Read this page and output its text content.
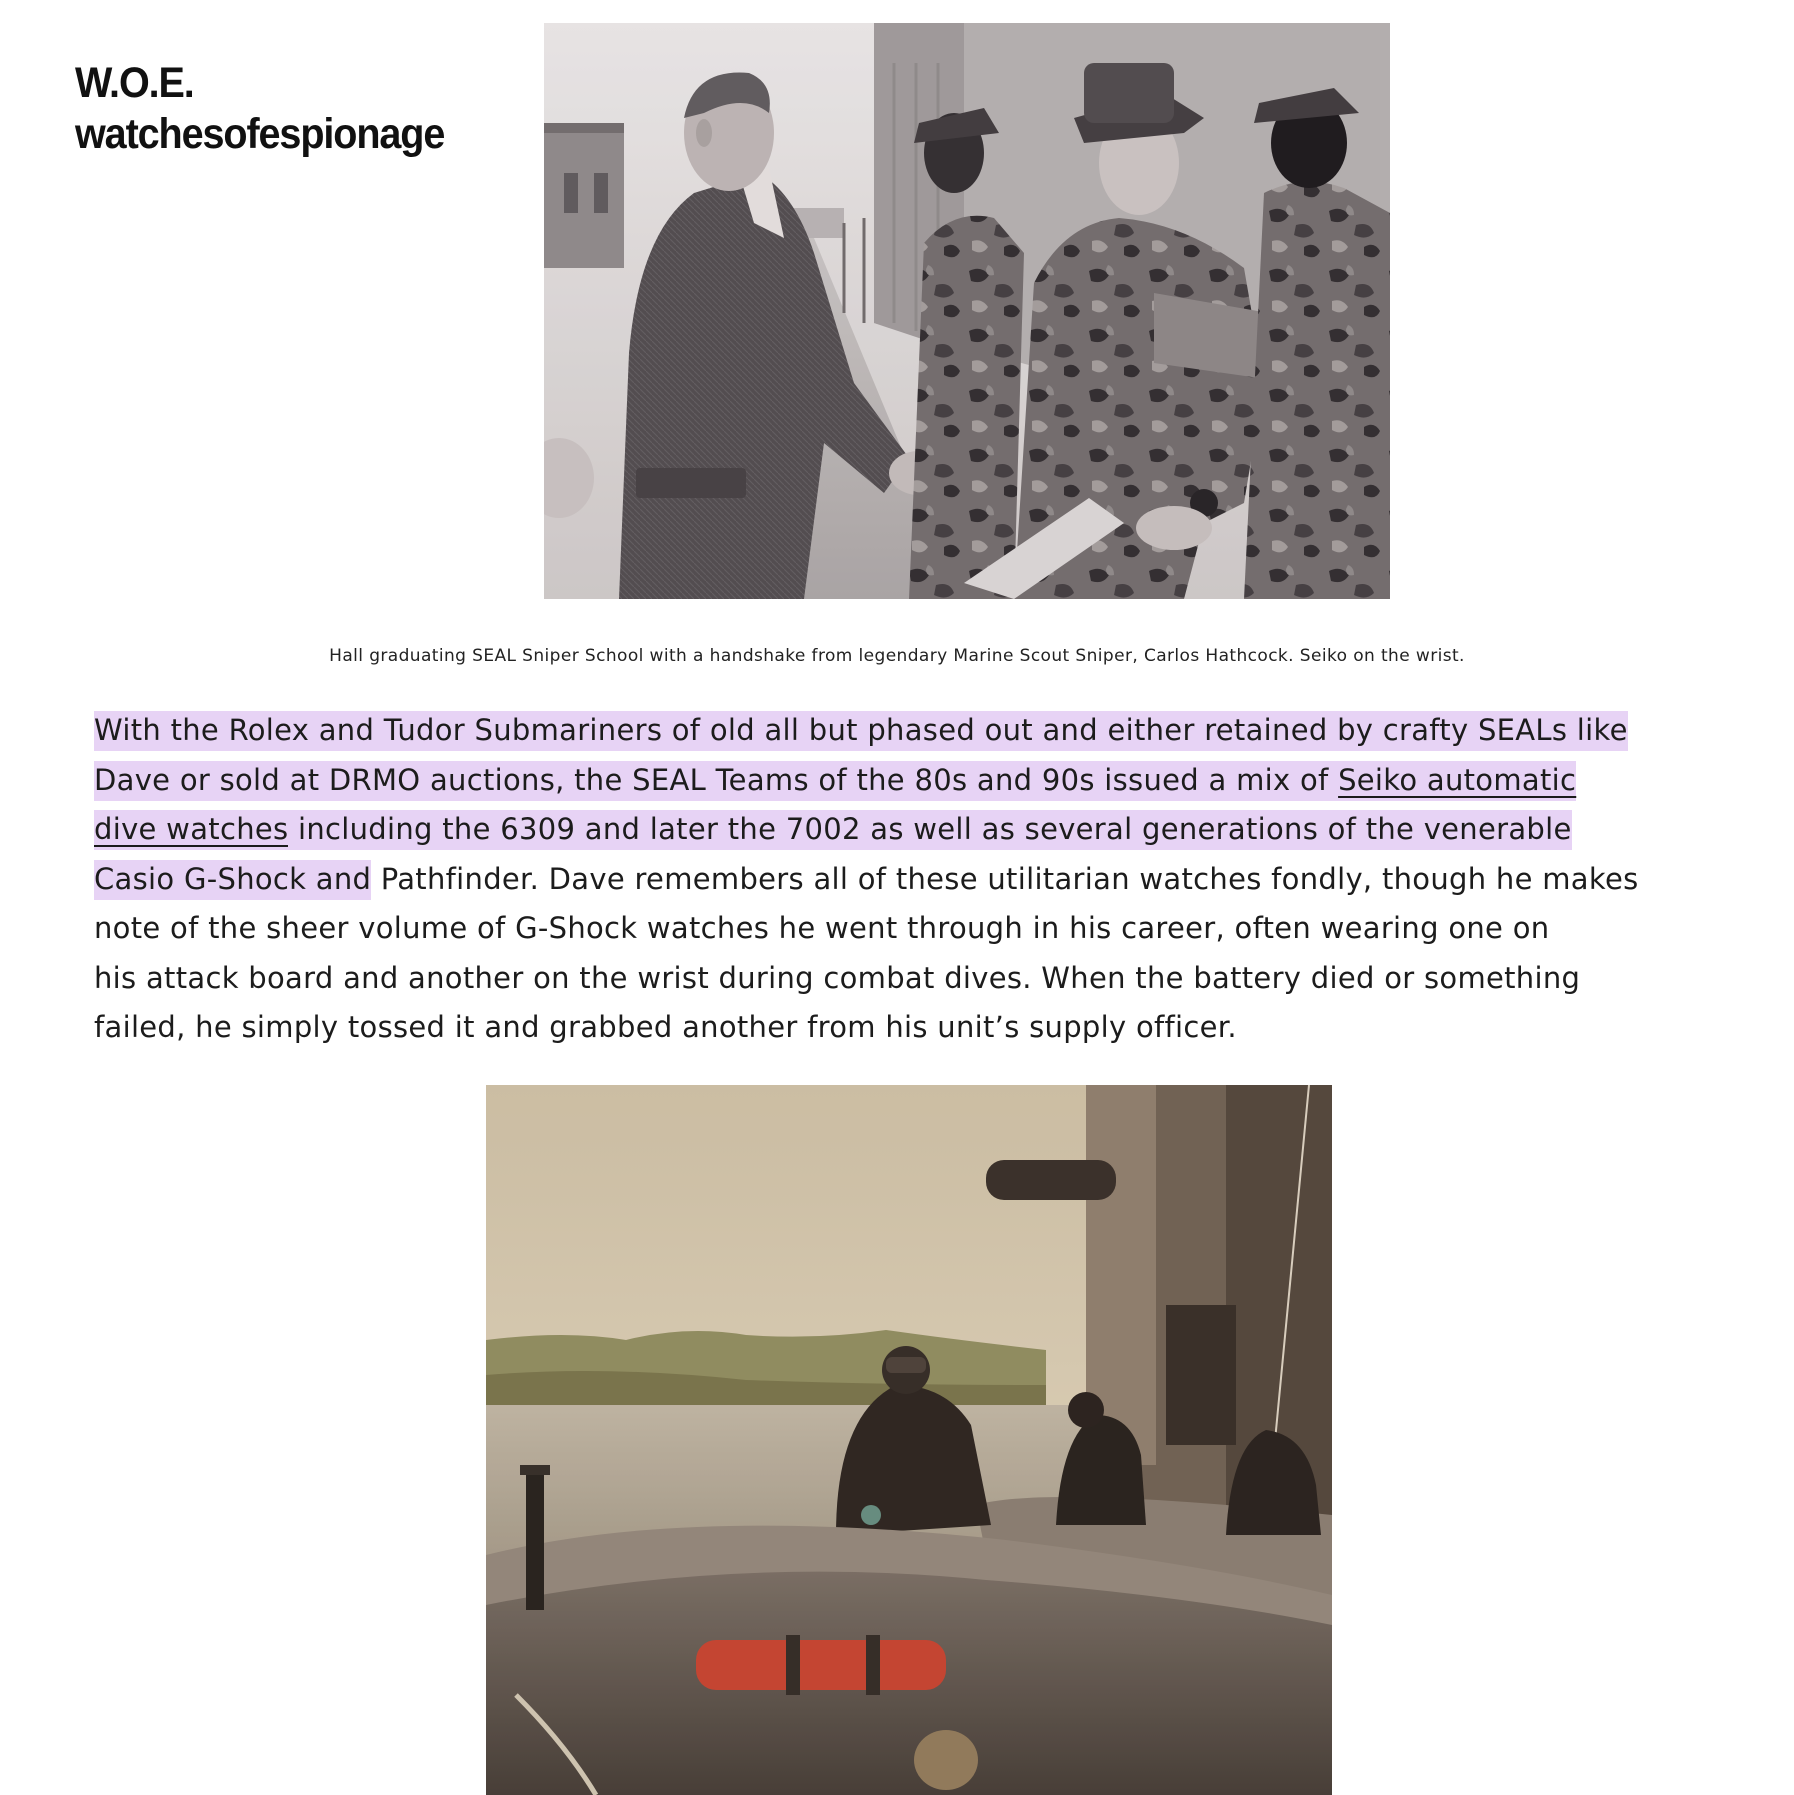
W.O.E.
watchesofespionage
Hall graduating SEAL Sniper School with a handshake from legendary Marine Scout Sniper, Carlos Hathcock. Seiko on the wrist.
With the Rolex and Tudor Submariners of old all but phased out and either retained by crafty SEALs like
Dave or sold at DRMO auctions, the SEAL Teams of the 80s and 90s issued a mix of Seiko automatic
dive watches including the 6309 and later the 7002 as well as several generations of the venerable
Casio G-Shock and Pathfinder. Dave remembers all of these utilitarian watches fondly, though he makes
note of the sheer volume of G-Shock watches he went through in his career, often wearing one on
his attack board and another on the wrist during combat dives. When the battery died or something
failed, he simply tossed it and grabbed another from his unit’s supply officer.
